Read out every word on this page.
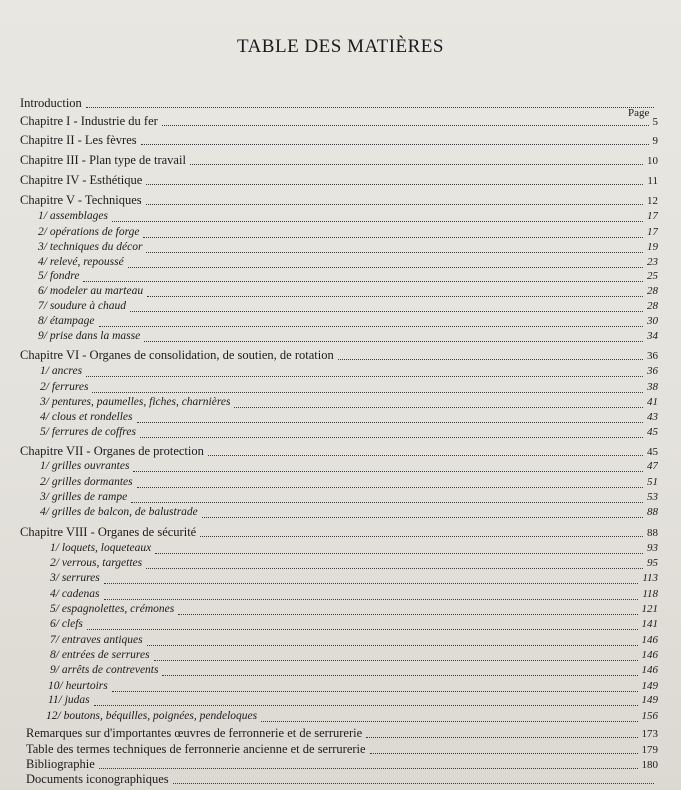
TABLE DES MATIÈRES
Page
Introduction
Chapitre I - Industrie du fer	5
Chapitre II - Les fèvres	9
Chapitre III - Plan type de travail	10
Chapitre IV - Esthétique	11
Chapitre V - Techniques	12
1/ assemblages	17
2/ opérations de forge	17
3/ techniques du décor	19
4/ relevé, repoussé	23
5/ fondre	25
6/ modeler au marteau	28
7/ soudure à chaud	28
8/ étampage	30
9/ prise dans la masse	34
Chapitre VI - Organes de consolidation, de soutien, de rotation	36
1/ ancres	36
2/ ferrures	38
3/ pentures, paumelles, fiches, charnières	41
4/ clous et rondelles	43
5/ ferrures de coffres	45
Chapitre VII - Organes de protection	45
1/ grilles ouvrantes	47
2/ grilles dormantes	51
3/ grilles de rampe	53
4/ grilles de balcon, de balustrade	88
Chapitre VIII - Organes de sécurité	88
1/ loquets, loqueteaux	93
2/ verrous, targettes	95
3/ serrures	113
4/ cadenas	118
5/ espagnolettes, crémones	121
6/ clefs	141
7/ entraves antiques	146
8/ entrées de serrures	146
9/ arrêts de contrevents	146
10/ heurtoirs	149
11/ judas	149
12/ boutons, béquilles, poignées, pendeloques	156
Remarques sur d'importantes œuvres de ferronnerie et de serrurerie	173
Table des termes techniques de ferronnerie ancienne et de serrurerie	179
Bibliographie	180
Documents iconographiques
